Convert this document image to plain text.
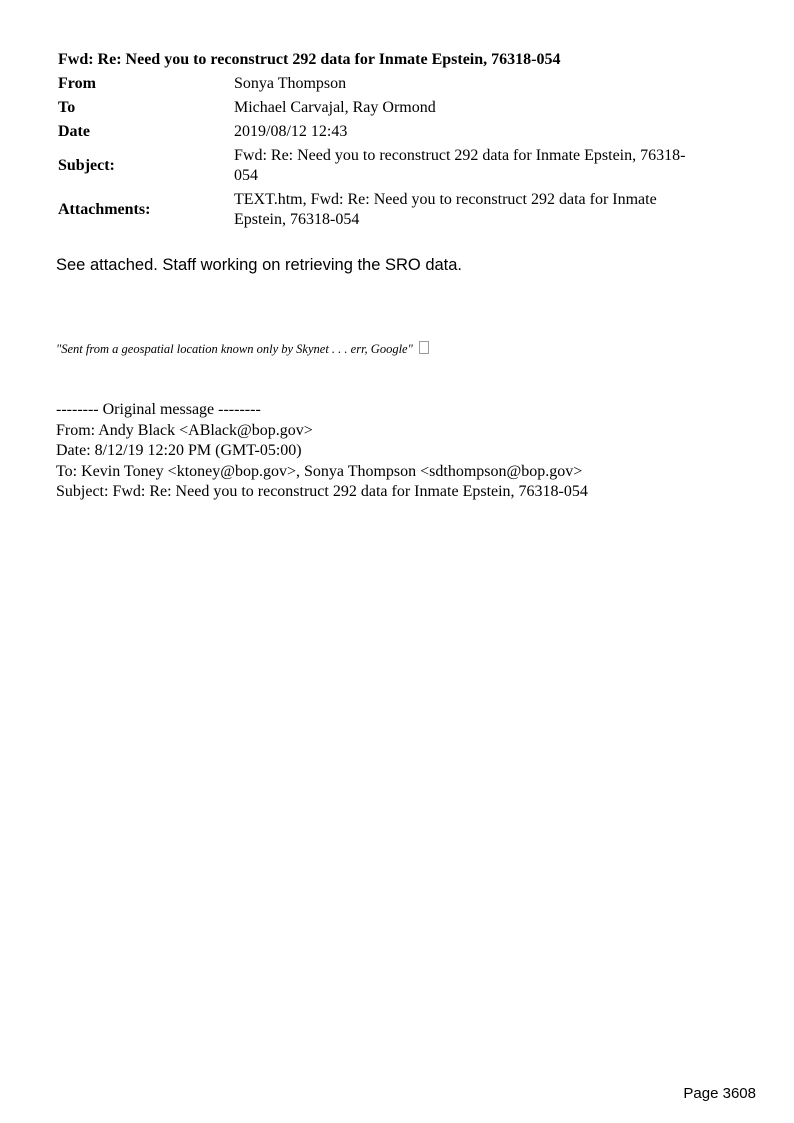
Fwd: Re: Need you to reconstruct 292 data for Inmate Epstein, 76318-054
From	Sonya Thompson
To	Michael Carvajal, Ray Ormond
Date	2019/08/12 12:43
Subject:	Fwd: Re: Need you to reconstruct 292 data for Inmate Epstein, 76318-
054

Attachments:	TEXT.htm, Fwd: Re: Need you to reconstruct 292 data for Inmate
Epstein, 76318-054
See attached. Staff working on retrieving the SRO data.
"Sent from a geospatial location known only by Skynet . . . err, Google"
-------- Original message --------
From: Andy Black <ABlack@bop.gov>
Date: 8/12/19 12:20 PM (GMT-05:00)
To: Kevin Toney <ktoney@bop.gov>, Sonya Thompson <sdthompson@bop.gov>
Subject: Fwd: Re: Need you to reconstruct 292 data for Inmate Epstein, 76318-054
Page 3608
